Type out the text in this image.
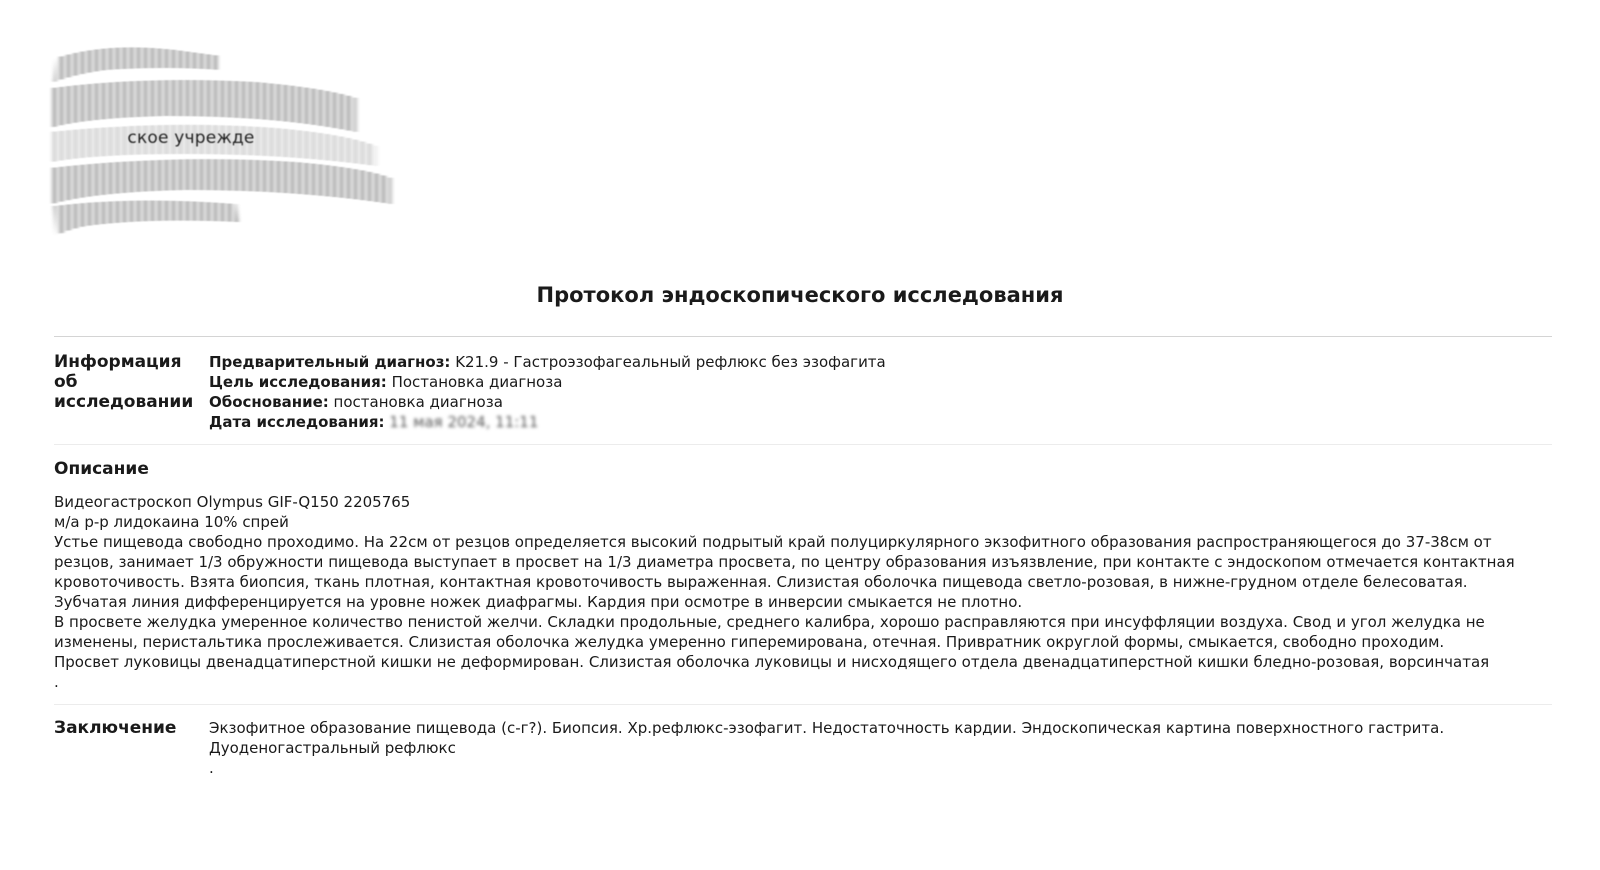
ское учрежде
Протокол эндоскопического исследования
Информация об исследовании
Предварительный диагноз: K21.9 - Гастроэзофагеальный рефлюкс без эзофагита
Цель исследования: Постановка диагноза
Обоснование: постановка диагноза
Дата исследования: 11 мая 2024, 11:11
Описание

Видеогастроскоп Olympus GIF-Q150 2205765

м/а р-р лидокаина 10% спрей

Устье пищевода свободно проходимо. На 22см от резцов определяется высокий подрытый край полуциркулярного экзофитного образования распространяющегося до 37-38см от резцов, занимает 1/3 обружности пищевода выступает в просвет на 1/3 диаметра просвета, по центру образования изъязвление, при контакте с эндоскопом отмечается контактная кровоточивость. Взята биопсия, ткань плотная, контактная кровоточивость выраженная. Слизистая оболочка пищевода светло-розовая, в нижне-грудном отделе белесоватая.

Зубчатая линия дифференцируется на уровне ножек диафрагмы. Кардия при осмотре в инверсии смыкается не плотно.

В просвете желудка умеренное количество пенистой желчи. Складки продольные, среднего калибра, хорошо расправляются при инсуффляции воздуха. Свод и угол желудка не изменены, перистальтика прослеживается. Слизистая оболочка желудка умеренно гиперемирована, отечная. Привратник округлой формы, смыкается, свободно проходим.

Просвет луковицы двенадцатиперстной кишки не деформирован. Слизистая оболочка луковицы и нисходящего отдела двенадцатиперстной кишки бледно-розовая, ворсинчатая

.

Заключение Экзофитное образование пищевода (с-г?). Биопсия. Хр.рефлюкс-эзофагит. Недостаточность кардии. Эндоскопическая картина поверхностного гастрита. Дуоденогастральный рефлюкс

.
